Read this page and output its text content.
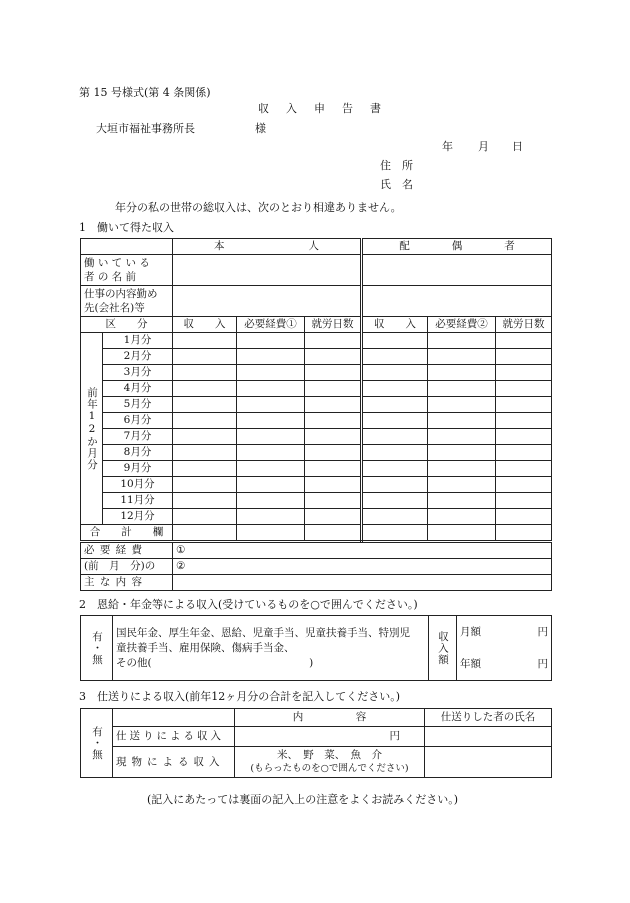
第 15 号様式(第 4 条関係)
収　入　申　告　書
大垣市福祉事務所長	様
年 月 日
住　所
氏　名
年分の私の世帯の総収入は、次のとおり相違ありません。
1　働いて得た収入
		本　　　　　　　　人			配　　　　偶　　　　者		

働 い て い る
者 の 名 前							

仕事の内容勤め
先(会社名)等							

区　　分		収　　入	必要経費①	就労日数	収　　入	必要経費②	就労日数

前年12か月分	1月分						
	2月分						
	3月分						
	4月分						
	5月分						
	6月分						
	7月分						
	8月分						
	9月分						
	10月分						
	11月分						
	12月分						
合　　計　　欄							
必 要 経 費		①					
(前　月　分)の		②					
主 な 内 容							
2　恩給・年金等による収入(受けているものを○で囲んでください。)
有・無	国民年金、厚生年金、恩給、児童手当、児童扶養手当、特別児
童扶養手当、雇用保険、傷病手当金、
その他(　　　　　　　　　　　　　　　)	収入額	月額	円

年額	円
3　仕送りによる収入(前年12ヶ月分の合計を記入してください。)
有・無		内　　　　　容	仕送りした者の氏名
	仕送りによる収入	円	
	現物による収入	米、　野　菜、　魚　介
(もらったものを○で囲んでください)	

(記入にあたっては裏面の記入上の注意をよくお読みください。)
